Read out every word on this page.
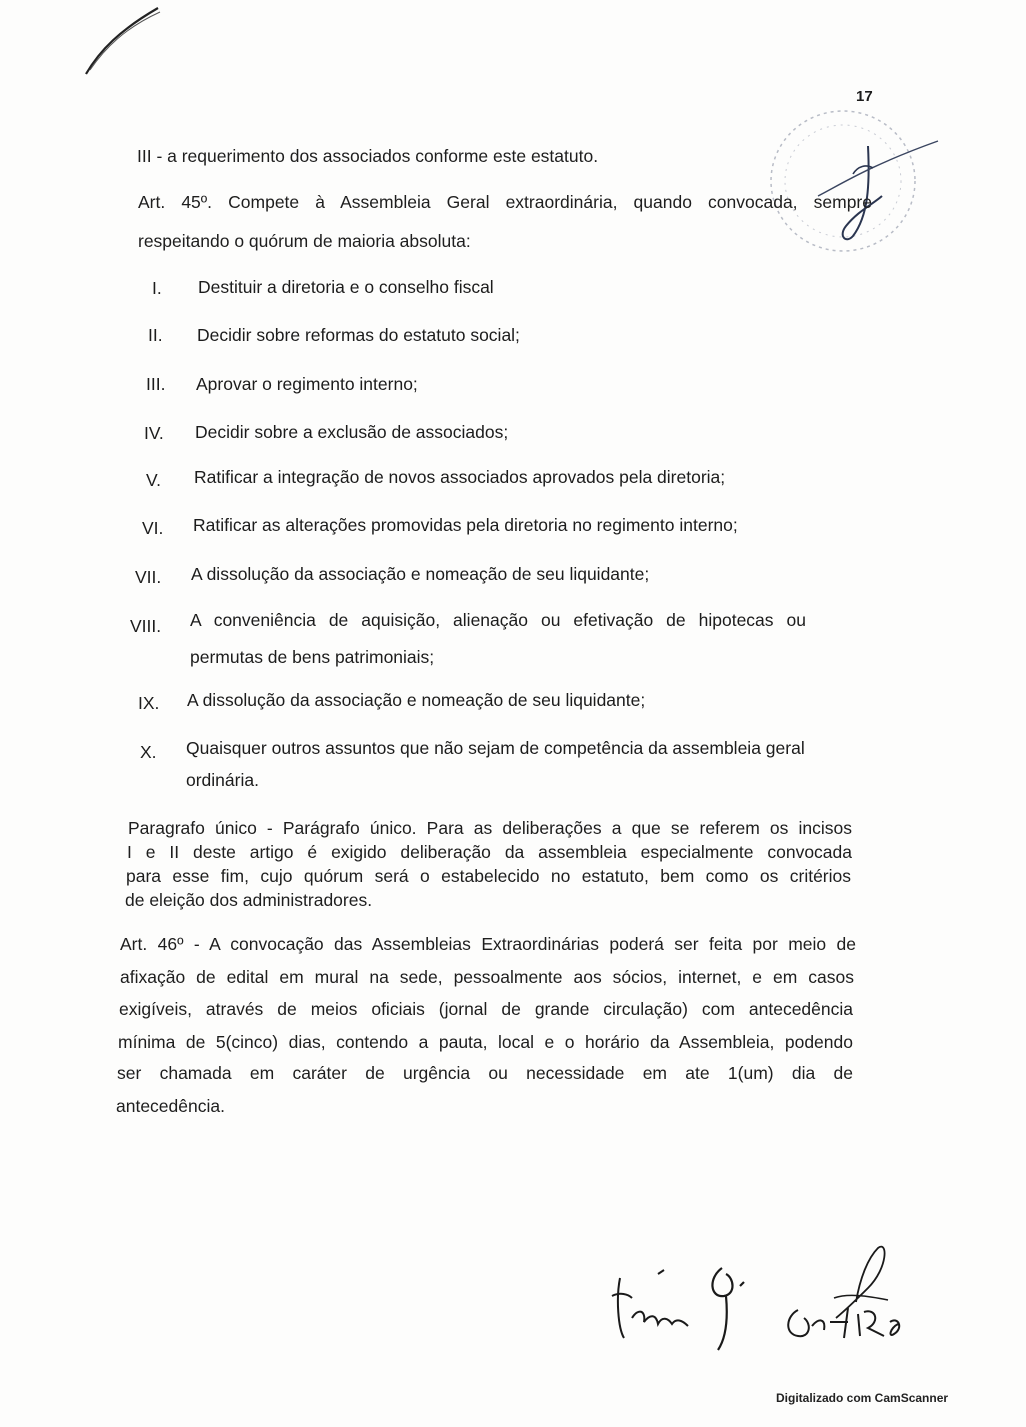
17
III - a requerimento dos associados conforme este estatuto.
Art. 45º. Compete à Assembleia Geral extraordinária, quando convocada, sempre
respeitando o quórum de maioria absoluta:
I. Destituir a diretoria e o conselho fiscal
II. Decidir sobre reformas do estatuto social;
III. Aprovar o regimento interno;
IV. Decidir sobre a exclusão de associados;
V. Ratificar a integração de novos associados aprovados pela diretoria;
VI. Ratificar as alterações promovidas pela diretoria no regimento interno;
VII. A dissolução da associação e nomeação de seu liquidante;
VIII. A conveniência de aquisição, alienação ou efetivação de hipotecas ou
permutas de bens patrimoniais;
IX. A dissolução da associação e nomeação de seu liquidante;
X. Quaisquer outros assuntos que não sejam de competência da assembleia geral
ordinária.
Paragrafo único - Parágrafo único. Para as deliberações a que se referem os incisos
I e II deste artigo é exigido deliberação da assembleia especialmente convocada
para esse fim, cujo quórum será o estabelecido no estatuto, bem como os critérios
de eleição dos administradores.
Art. 46º - A convocação das Assembleias Extraordinárias poderá ser feita por meio de
afixação de edital em mural na sede, pessoalmente aos sócios, internet, e em casos
exigíveis, através de meios oficiais (jornal de grande circulação) com antecedência
mínima de 5(cinco) dias, contendo a pauta, local e o horário da Assembleia, podendo
ser chamada em caráter de urgência ou necessidade em ate 1(um) dia de
antecedência.
Digitalizado com CamScanner
